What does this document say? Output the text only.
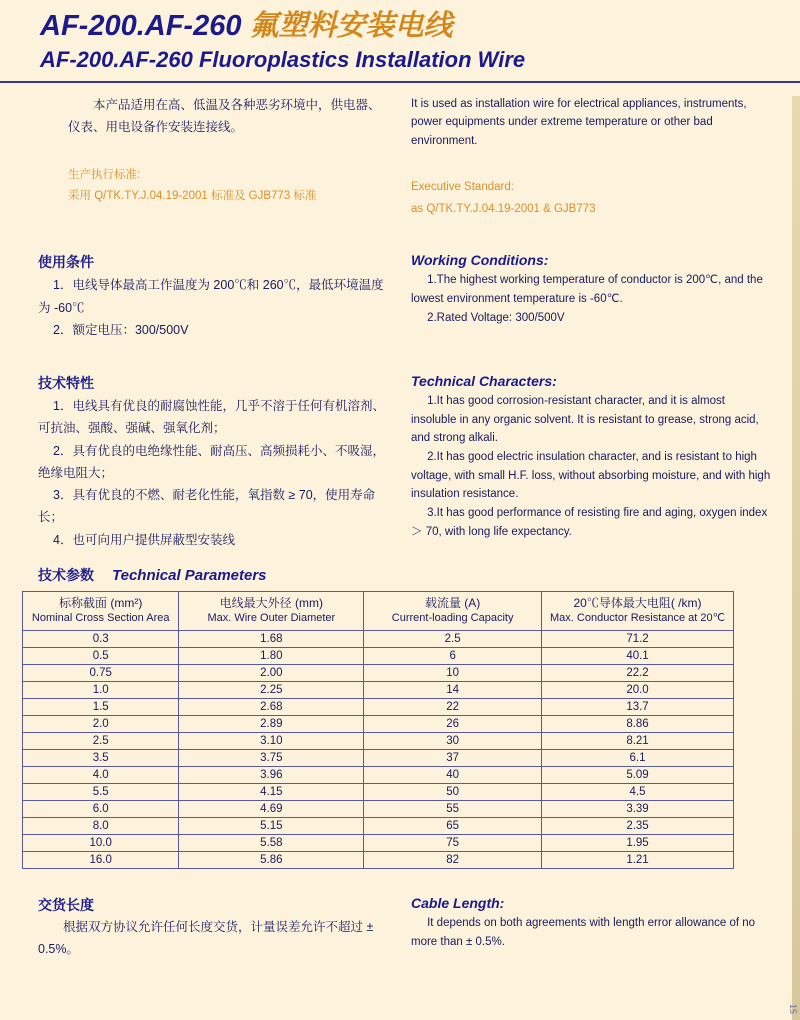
AF-200.AF-260 氟塑料安装电线
AF-200.AF-260 Fluoroplastics Installation Wire

本产品适用在高、低温及各种恶劣环境中，供电器、仪表、用电设备作安装连接线。

生产执行标准:

采用 Q/TK.TY.J.04.19-2001 标准及 GJB773 标准

It is used as installation wire for electrical appliances, instruments, power equipments under extreme temperature or other bad environment.

Executive Standard:

as Q/TK.TY.J.04.19-2001 & GJB773

使用条件
1．电线导体最高工作温度为 200℃和 260℃，最低环境温度为 -60℃
2．额定电压：300/500V
Working Conditions:
1.The highest working temperature of conductor is 200℃, and the lowest environment temperature is -60℃.
2.Rated Voltage: 300/500V
技术特性
1．电线具有优良的耐腐蚀性能，几乎不溶于任何有机溶剂、可抗油、强酸、强碱、强氧化剂；
2．具有优良的电绝缘性能、耐高压、高频损耗小、不吸湿，绝缘电阻大；
3．具有优良的不燃、耐老化性能，氧指数 ≥ 70，使用寿命长；
4．也可向用户提供屏蔽型安装线
Technical Characters:
1.It has good corrosion-resistant character, and it is almost insoluble in any organic solvent. It is resistant to grease, strong acid, and strong alkali.
2.It has good electric insulation character, and is resistant to high voltage, with small H.F. loss, without absorbing moisture, and with high insulation resistance.
3.It has good performance of resisting fire and aging, oxygen index ＞ 70, with long life expectancy.
技术参数 Technical Parameters
标称截面 (mm²)
Nominal Cross Section Area	电线最大外径 (mm)
Max. Wire Outer Diameter	载流量 (A)
Current-loading Capacity	20℃导体最大电阻( /km)
Max. Conductor Resistance at 20℃

0.3	1.68	2.5	71.2
0.5	1.80	6	40.1
0.75	2.00	10	22.2
1.0	2.25	14	20.0
1.5	2.68	22	13.7
2.0	2.89	26	8.86
2.5	3.10	30	8.21
3.5	3.75	37	6.1
4.0	3.96	40	5.09
5.5	4.15	50	4.5
6.0	4.69	55	3.39
8.0	5.15	65	2.35
10.0	5.58	75	1.95
16.0	5.86	82	1.21
交货长度

根据双方协议允许任何长度交货，计量误差允许不超过 ± 0.5%。

Cable Length:

It depends on both agreements with length error allowance of no more than ± 0.5%.

15
